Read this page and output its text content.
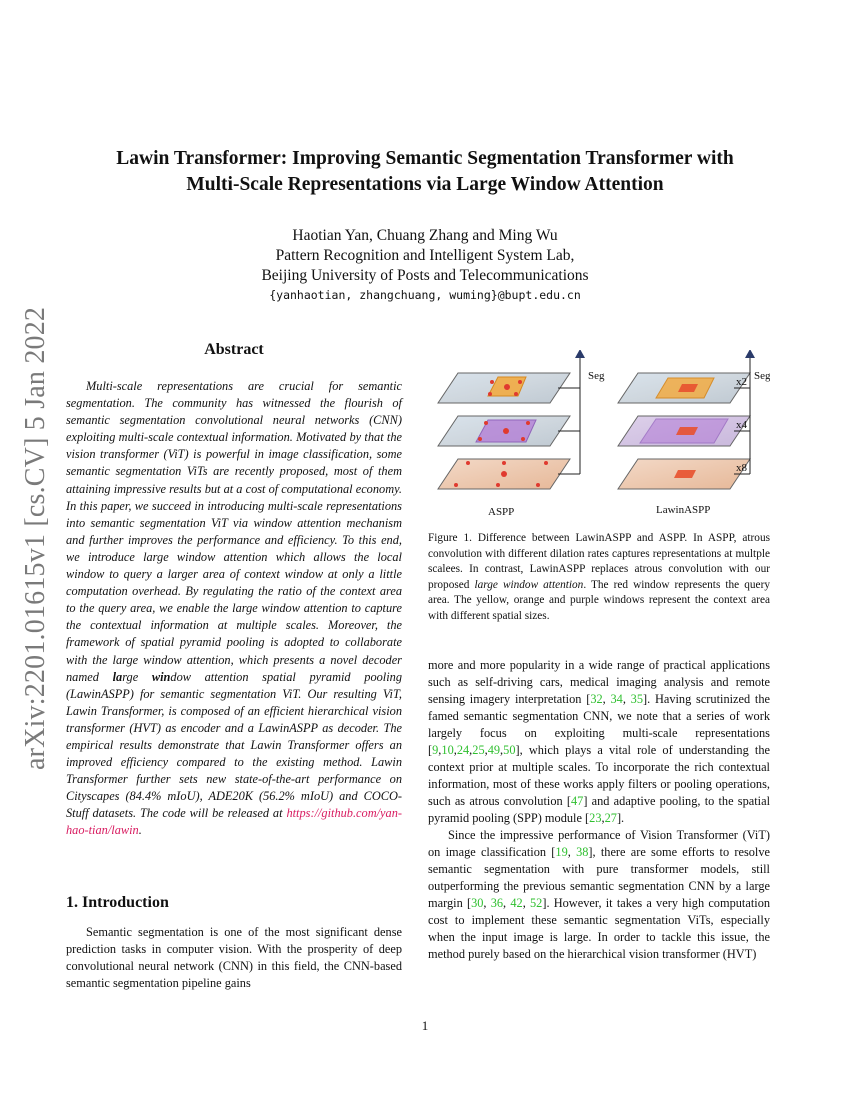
Lawin Transformer: Improving Semantic Segmentation Transformer with
Multi-Scale Representations via Large Window Attention
Haotian Yan, Chuang Zhang and Ming Wu
Pattern Recognition and Intelligent System Lab,
Beijing University of Posts and Telecommunications
{yanhaotian, zhangchuang, wuming}@bupt.edu.cn
arXiv:2201.01615v1 [cs.CV] 5 Jan 2022	Abstract

Multi-scale representations are crucial for semantic segmentation. The community has witnessed the flourish of semantic segmentation convolutional neural networks (CNN) exploiting multi-scale contextual information. Motivated by that the vision transformer (ViT) is powerful in image classification, some semantic segmentation ViTs are recently proposed, most of them attaining impressive results but at a cost of computational economy. In this paper, we succeed in introducing multi-scale representations into semantic segmentation ViT via window attention mechanism and further improves the performance and efficiency. To this end, we introduce large window attention which allows the local window to query a larger area of context window at only a little computation overhead. By regulating the ratio of the context area to the query area, we enable the large window attention to capture the contextual information at multiple scales. Moreover, the framework of spatial pyramid pooling is adopted to collaborate with the large window attention, which presents a novel decoder named large window attention spatial pyramid pooling (LawinASPP) for semantic segmentation ViT. Our resulting ViT, Lawin Transformer, is composed of an efficient hierarchical vision transformer (HVT) as encoder and a LawinASPP as decoder. The empirical results demonstrate that Lawin Transformer offers an improved efficiency compared to the existing method. Lawin Transformer further sets new state-of-the-art performance on Cityscapes (84.4% mIoU), ADE20K (56.2% mIoU) and COCO-Stuff datasets. The code will be released at https://github.com/yan-hao-tian/lawin.

1. Introduction

Semantic segmentation is one of the most significant dense prediction tasks in computer vision. With the prosperity of deep convolutional neural network (CNN) in this field, the CNN-based semantic segmentation pipeline gains

Seg
ASPP
x2
x4
x8
Seg
LawinASPP

Figure 1. Difference between LawinASPP and ASPP. In ASPP, atrous convolution with different dilation rates captures representations at multple scalees. In contrast, LawinASPP replaces atrous convolution with our proposed large window attention. The red window represents the query area. The yellow, orange and purple windows represent the context area with different spatial sizes.

more and more popularity in a wide range of practical applications such as self-driving cars, medical imaging analysis and remote sensing imagery interpretation [32, 34, 35]. Having scrutinized the famed semantic segmentation CNN, we note that a series of work largely focus on exploiting multi-scale representations [9,10,24,25,49,50], which plays a vital role of understanding the context prior at multiple scales. To incorporate the rich contextual information, most of these works apply filters or pooling operations, such as atrous convolution [47] and adaptive pooling, to the spatial pyramid pooling (SPP) module [23,27].

Since the impressive performance of Vision Transformer (ViT) on image classification [19, 38], there are some efforts to resolve semantic segmentation with pure transformer models, still outperforming the previous semantic segmentation CNN by a large margin [30, 36, 42, 52]. However, it takes a very high computation cost to implement these semantic segmentation ViTs, especially when the input image is large. In order to tackle this issue, the method purely based on the hierarchical vision transformer (HVT)

1
